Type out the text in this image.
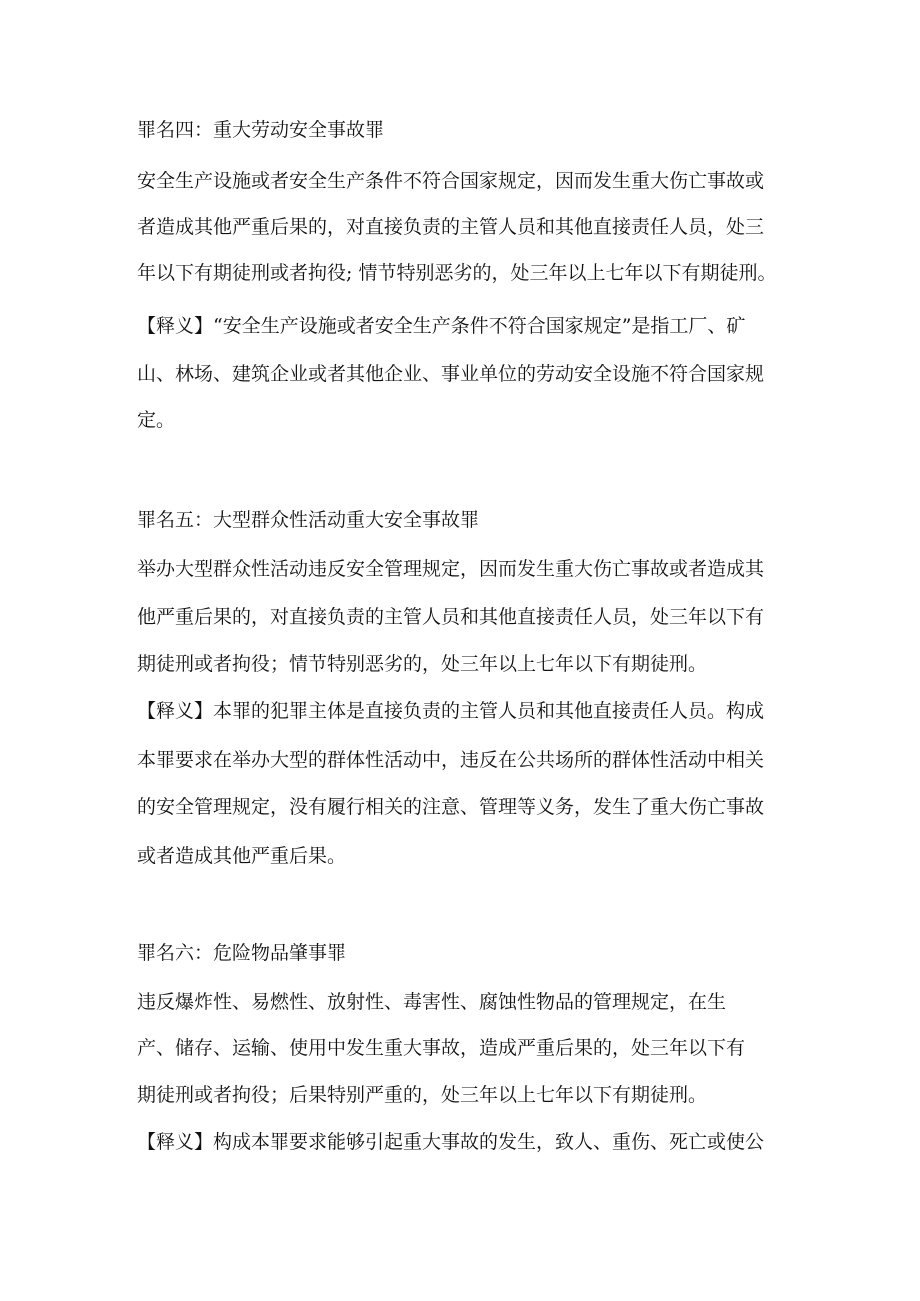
罪名四：重大劳动安全事故罪
安全生产设施或者安全生产条件不符合国家规定，因而发生重大伤亡事故或
者造成其他严重后果的，对直接负责的主管人员和其他直接责任人员，处三
年以下有期徒刑或者拘役; 情节特别恶劣的，处三年以上七年以下有期徒刑。
【释义】“安全生产设施或者安全生产条件不符合国家规定”是指工厂、矿
山、林场、建筑企业或者其他企业、事业单位的劳动安全设施不符合国家规
定。
罪名五：大型群众性活动重大安全事故罪
举办大型群众性活动违反安全管理规定，因而发生重大伤亡事故或者造成其
他严重后果的，对直接负责的主管人员和其他直接责任人员，处三年以下有
期徒刑或者拘役；情节特别恶劣的，处三年以上七年以下有期徒刑。
【释义】本罪的犯罪主体是直接负责的主管人员和其他直接责任人员。构成
本罪要求在举办大型的群体性活动中，违反在公共场所的群体性活动中相关
的安全管理规定，没有履行相关的注意、管理等义务，发生了重大伤亡事故
或者造成其他严重后果。
罪名六：危险物品肇事罪
违反爆炸性、易燃性、放射性、毒害性、腐蚀性物品的管理规定，在生
产、储存、运输、使用中发生重大事故，造成严重后果的，处三年以下有
期徒刑或者拘役；后果特别严重的，处三年以上七年以下有期徒刑。
【释义】构成本罪要求能够引起重大事故的发生，致人、重伤、死亡或使公
